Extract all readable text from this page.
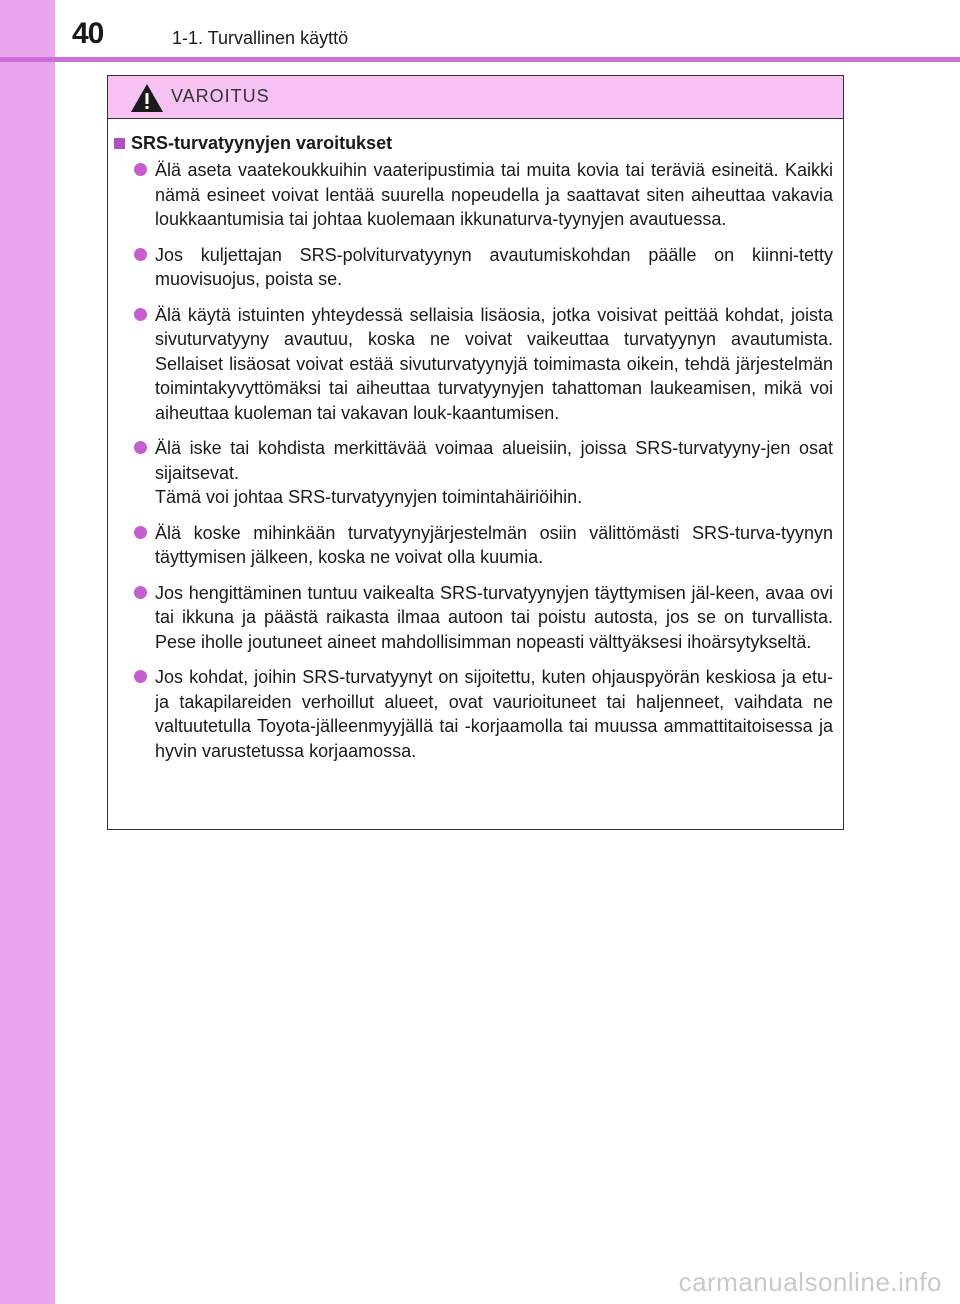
40	1-1. Turvallinen käyttö
VAROITUS
SRS-turvatyynyjen varoitukset
Älä aseta vaatekoukkuihin vaateripustimia tai muita kovia tai teräviä esineitä. Kaikki nämä esineet voivat lentää suurella nopeudella ja saattavat siten aiheuttaa vakavia loukkaantumisia tai johtaa kuolemaan ikkunaturva-tyynyjen avautuessa.
Jos kuljettajan SRS-polviturvatyynyn avautumiskohdan päälle on kiinni-tetty muovisuojus, poista se.
Älä käytä istuinten yhteydessä sellaisia lisäosia, jotka voisivat peittää kohdat, joista sivuturvatyyny avautuu, koska ne voivat vaikeuttaa turvatyynyn avautumista. Sellaiset lisäosat voivat estää sivuturvatyynyjä toimimasta oikein, tehdä järjestelmän toimintakyvyttömäksi tai aiheuttaa turvatyynyjen tahattoman laukeamisen, mikä voi aiheuttaa kuoleman tai vakavan louk-kaantumisen.
Älä iske tai kohdista merkittävää voimaa alueisiin, joissa SRS-turvatyyny-jen osat sijaitsevat.
Tämä voi johtaa SRS-turvatyynyjen toimintahäiriöihin.
Älä koske mihinkään turvatyynyjärjestelmän osiin välittömästi SRS-turva-tyynyn täyttymisen jälkeen, koska ne voivat olla kuumia.
Jos hengittäminen tuntuu vaikealta SRS-turvatyynyjen täyttymisen jäl-keen, avaa ovi tai ikkuna ja päästä raikasta ilmaa autoon tai poistu autosta, jos se on turvallista. Pese iholle joutuneet aineet mahdollisimman nopeasti välttyäksesi ihoärsytykseltä.
Jos kohdat, joihin SRS-turvatyynyt on sijoitettu, kuten ohjauspyörän keskiosa ja etu- ja takapilareiden verhoillut alueet, ovat vaurioituneet tai haljenneet, vaihdata ne valtuutetulla Toyota-jälleenmyyjällä tai -korjaamolla tai muussa ammattitaitoisessa ja hyvin varustetussa korjaamossa.
carmanualsonline.info
